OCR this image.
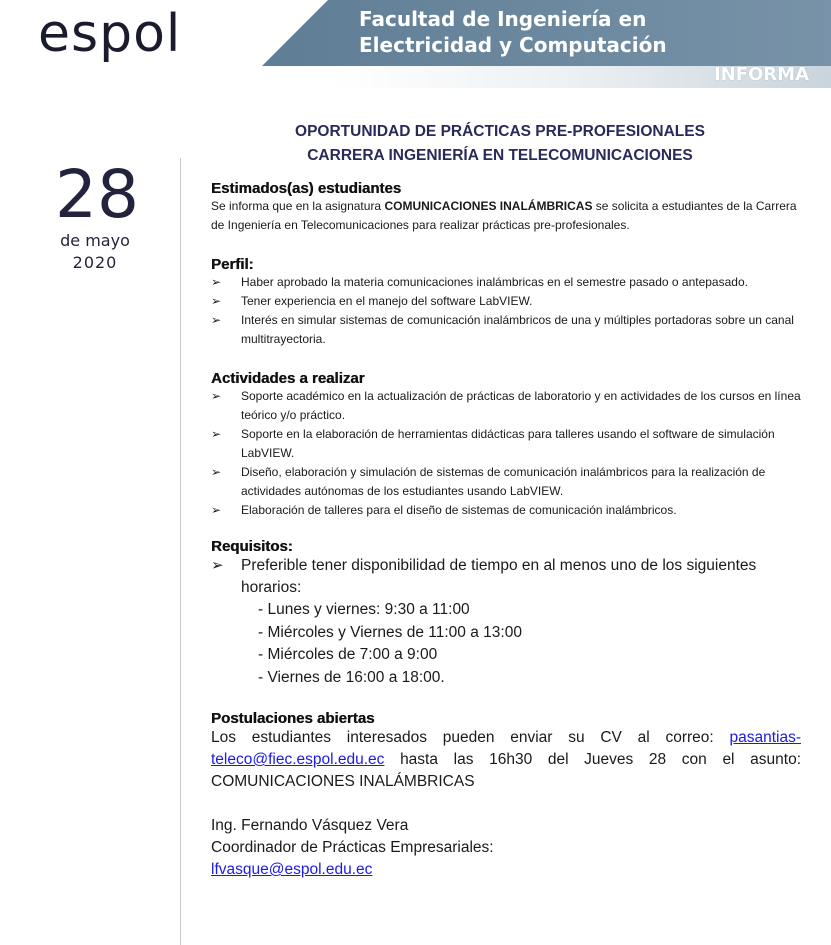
espol	Facultad de Ingeniería en
Electricidad y Computación
INFORMA
28
de mayo
2020
OPORTUNIDAD DE PRÁCTICAS PRE-PROFESIONALES
CARRERA INGENIERÍA EN TELECOMUNICACIONES

Estimados(as) estudiantes

Se informa que en la asignatura COMUNICACIONES INALÁMBRICAS se solicita a estudiantes de la Carrera de Ingeniería en Telecomunicaciones para realizar prácticas pre-profesionales.

Perfil:

➢	Haber aprobado la materia comunicaciones inalámbricas en el semestre pasado o antepasado.
➢	Tener experiencia en el manejo del software LabVIEW.
➢	Interés en simular sistemas de comunicación inalámbricos de una y múltiples portadoras sobre un canal multitrayectoria.

Actividades a realizar

➢	Soporte académico en la actualización de prácticas de laboratorio y en actividades de los cursos en línea teórico y/o práctico.
➢	Soporte en la elaboración de herramientas didácticas para talleres usando el software de simulación LabVIEW.
➢	Diseño, elaboración y simulación de sistemas de comunicación inalámbricos para la realización de actividades autónomas de los estudiantes usando LabVIEW.
➢	Elaboración de talleres para el diseño de sistemas de comunicación inalámbricos.

Requisitos:

➢	Preferible tener disponibilidad de tiempo en al menos uno de los siguientes horarios:

- Lunes y viernes: 9:30 a 11:00

- Miércoles y Viernes de 11:00 a 13:00

- Miércoles de 7:00 a 9:00

- Viernes de 16:00 a 18:00.

Postulaciones abiertas

Los estudiantes interesados pueden enviar su CV al correo: pasantias-teleco@fiec.espol.edu.ec hasta las 16h30 del Jueves 28 con el asunto: COMUNICACIONES INALÁMBRICAS

Ing. Fernando Vásquez Vera

Coordinador de Prácticas Empresariales:

lfvasque@espol.edu.ec
